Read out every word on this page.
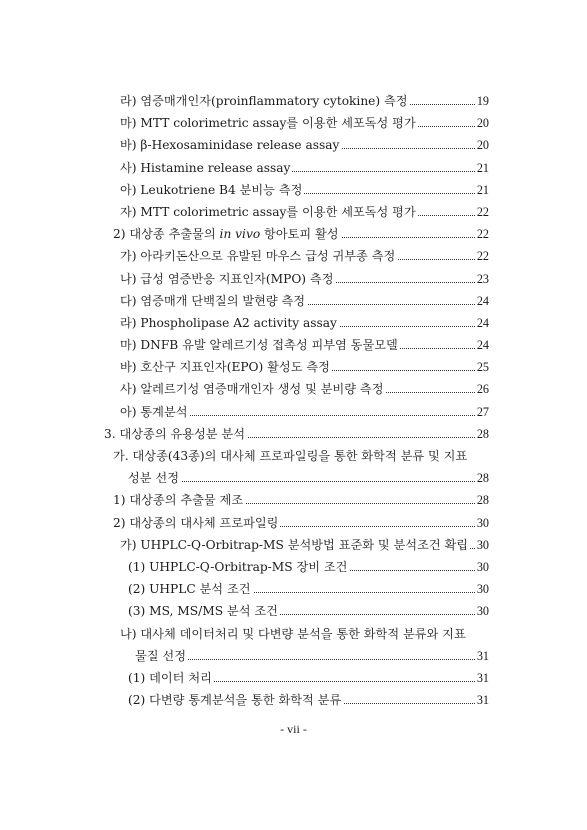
라) 염증매개인자(proinflammatory cytokine) 측정	19
마) MTT colorimetric assay를 이용한 세포독성 평가	20
바) β-Hexosaminidase release assay	20
사) Histamine release assay	21
아) Leukotriene B4 분비능 측정	21
자) MTT colorimetric assay를 이용한 세포독성 평가	22
2) 대상종 추출물의 in vivo 항아토피 활성	22
가) 아라키돈산으로 유발된 마우스 급성 귀부종 측정	22
나) 급성 염증반응 지표인자(MPO) 측정	23
다) 염증매개 단백질의 발현량 측정	24
라) Phospholipase A2 activity assay	24
마) DNFB 유발 알레르기성 접촉성 피부염 동물모델	24
바) 호산구 지표인자(EPO) 활성도 측정	25
사) 알레르기성 염증매개인자 생성 및 분비량 측정	26
아) 통계분석	27
3. 대상종의 유용성분 분석	28
가. 대상종(43종)의 대사체 프로파일링을 통한 화학적 분류 및 지표
성분 선정	28
1) 대상종의 추출물 제조	28
2) 대상종의 대사체 프로파일링	30
가) UHPLC-Q-Orbitrap-MS 분석방법 표준화 및 분석조건 확립 30
(1) UHPLC-Q-Orbitrap-MS 장비 조건	30
(2) UHPLC 분석 조건	30
(3) MS, MS/MS 분석 조건	30
나) 대사체 데이터처리 및 다변량 분석을 통한 화학적 분류와 지표
물질 선정	31
(1) 데이터 처리	31
(2) 다변량 통계분석을 통한 화학적 분류	31
- vii -
